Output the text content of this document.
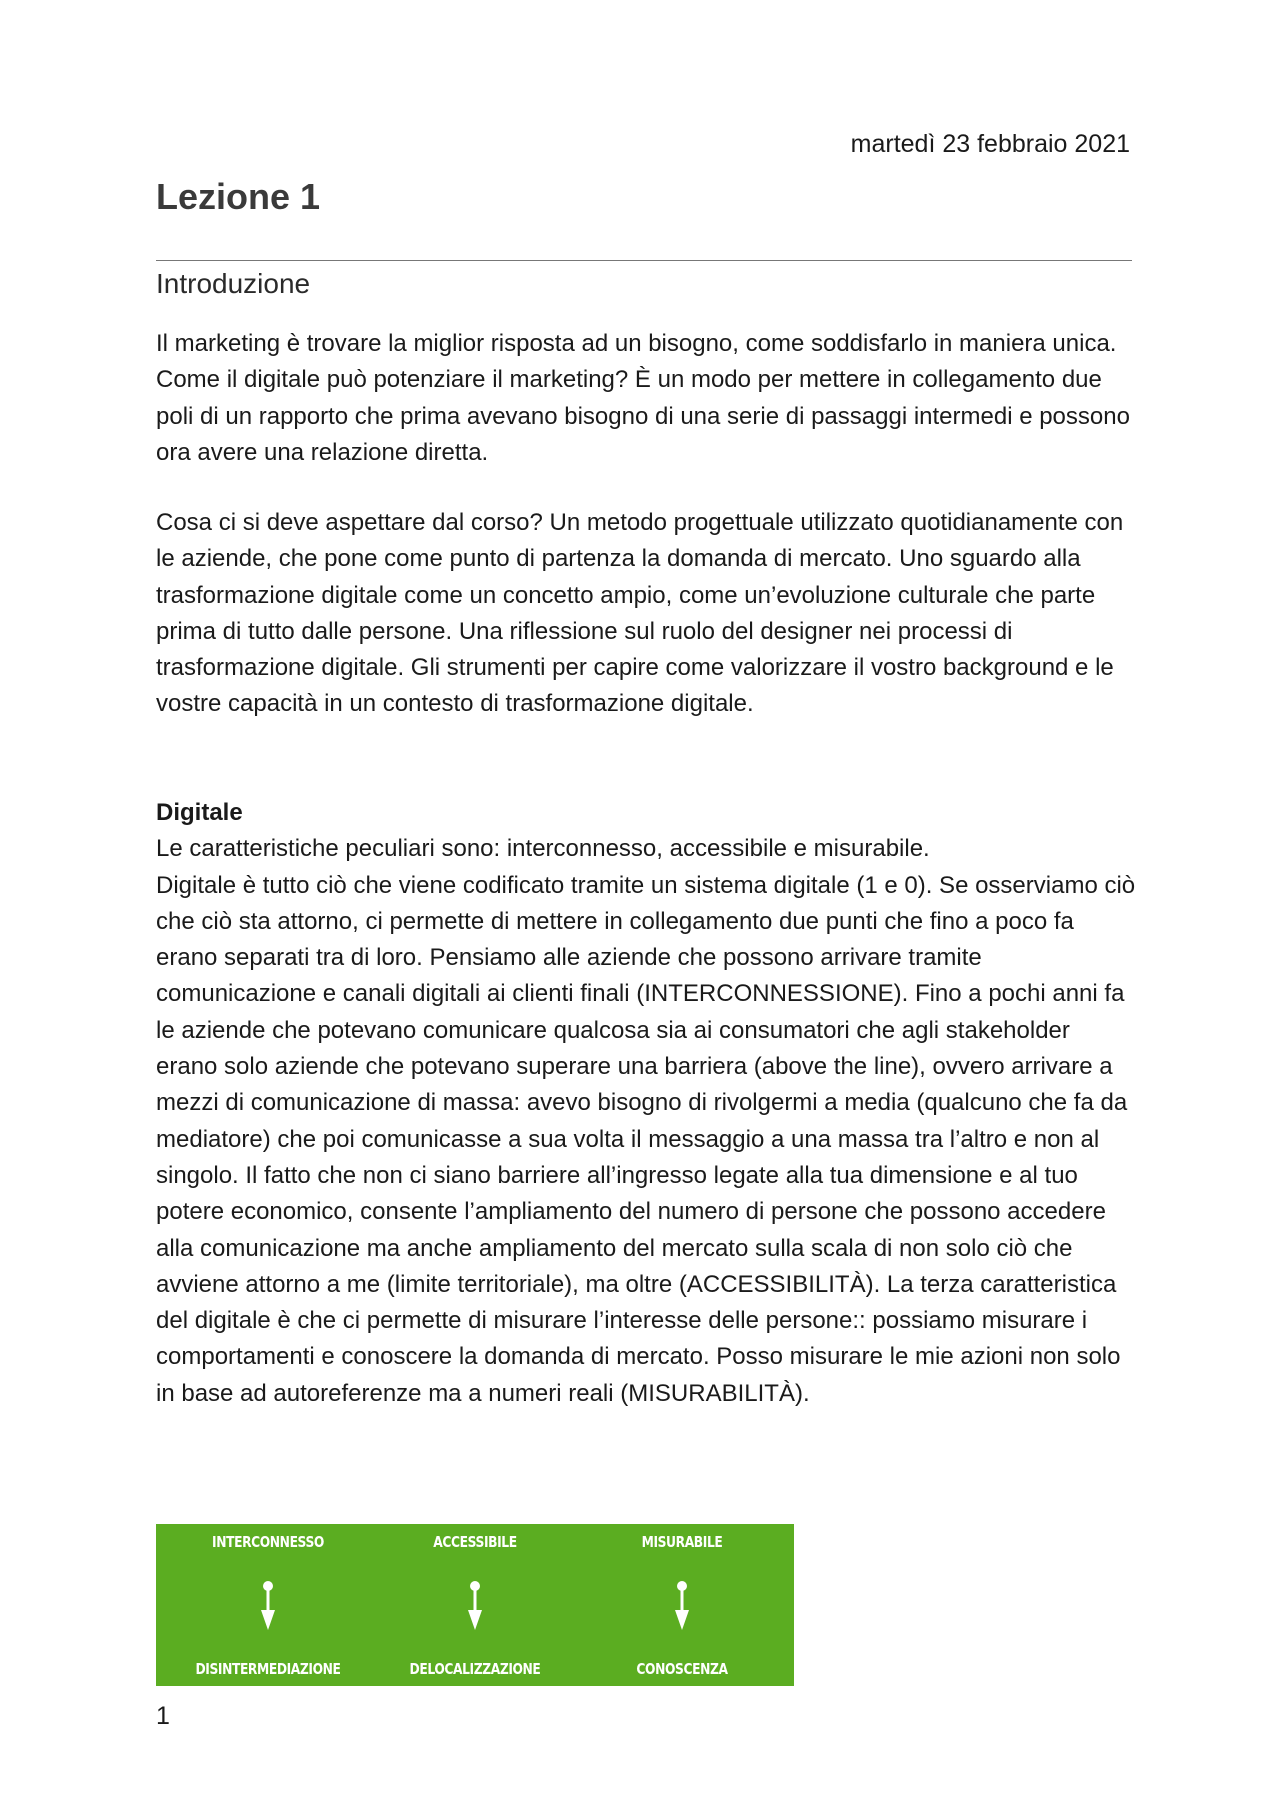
martedì 23 febbraio 2021
Lezione 1
Introduzione

Il marketing è trovare la miglior risposta ad un bisogno, come soddisfarlo in maniera unica. Come il digitale può potenziare il marketing? È un modo per mettere in collegamento due poli di un rapporto che prima avevano bisogno di una serie di passaggi intermedi e possono ora avere una relazione diretta.

Cosa ci si deve aspettare dal corso? Un metodo progettuale utilizzato quotidianamente con le aziende, che pone come punto di partenza la domanda di mercato. Uno sguardo alla trasformazione digitale come un concetto ampio, come un’evoluzione culturale che parte prima di tutto dalle persone. Una riflessione sul ruolo del designer nei processi di trasformazione digitale. Gli strumenti per capire come valorizzare il vostro background e le vostre capacità in un contesto di trasformazione digitale.

Digitale
Le caratteristiche peculiari sono: interconnesso, accessibile e misurabile.
Digitale è tutto ciò che viene codificato tramite un sistema digitale (1 e 0). Se osserviamo ciò che ciò sta attorno, ci permette di mettere in collegamento due punti che fino a poco fa erano separati tra di loro. Pensiamo alle aziende che possono arrivare tramite comunicazione e canali digitali ai clienti finali (INTERCONNESSIONE). Fino a pochi anni fa le aziende che potevano comunicare qualcosa sia ai consumatori che agli stakeholder erano solo aziende che potevano superare una barriera (above the line), ovvero arrivare a mezzi di comunicazione di massa: avevo bisogno di rivolgermi a media (qualcuno che fa da mediatore) che poi comunicasse a sua volta il messaggio a una massa tra l’altro e non al singolo. Il fatto che non ci siano barriere all’ingresso legate alla tua dimensione e al tuo potere economico, consente l’ampliamento del numero di persone che possono accedere alla comunicazione ma anche ampliamento del mercato sulla scala di non solo ciò che avviene attorno a me (limite territoriale), ma oltre (ACCESSIBILITÀ). La terza caratteristica del digitale è che ci permette di misurare l’interesse delle persone:: possiamo misurare i comportamenti e conoscere la domanda di mercato. Posso misurare le mie azioni non solo in base ad autoreferenze ma a numeri reali (MISURABILITÀ).
INTERCONNESSO
DISINTERMEDIAZIONE
ACCESSIBILE
DELOCALIZZAZIONE
MISURABILE
CONOSCENZA
1
